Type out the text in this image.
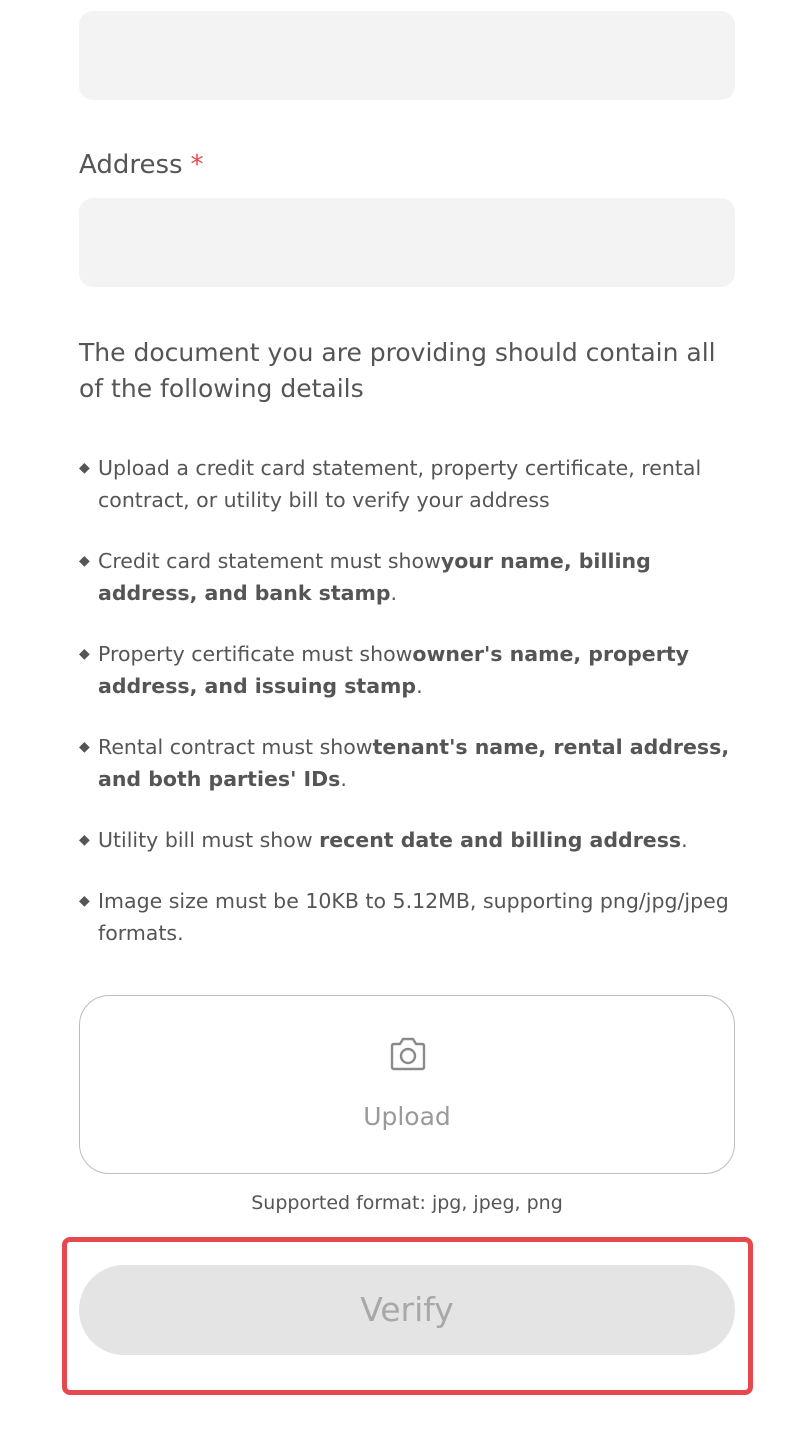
Address *

The document you are providing should contain all of the following details

◆ Upload a credit card statement, property certificate, rental contract, or utility bill to verify your address
◆ Credit card statement must showyour name, billing address, and bank stamp.
◆ Property certificate must showowner's name, property address, and issuing stamp.
◆ Rental contract must showtenant's name, rental address, and both parties' IDs.
◆ Utility bill must show recent date and billing address.
◆ Image size must be 10KB to 5.12MB, supporting png/jpg/jpeg formats.
Upload
Supported format: jpg, jpeg, png
Verify
